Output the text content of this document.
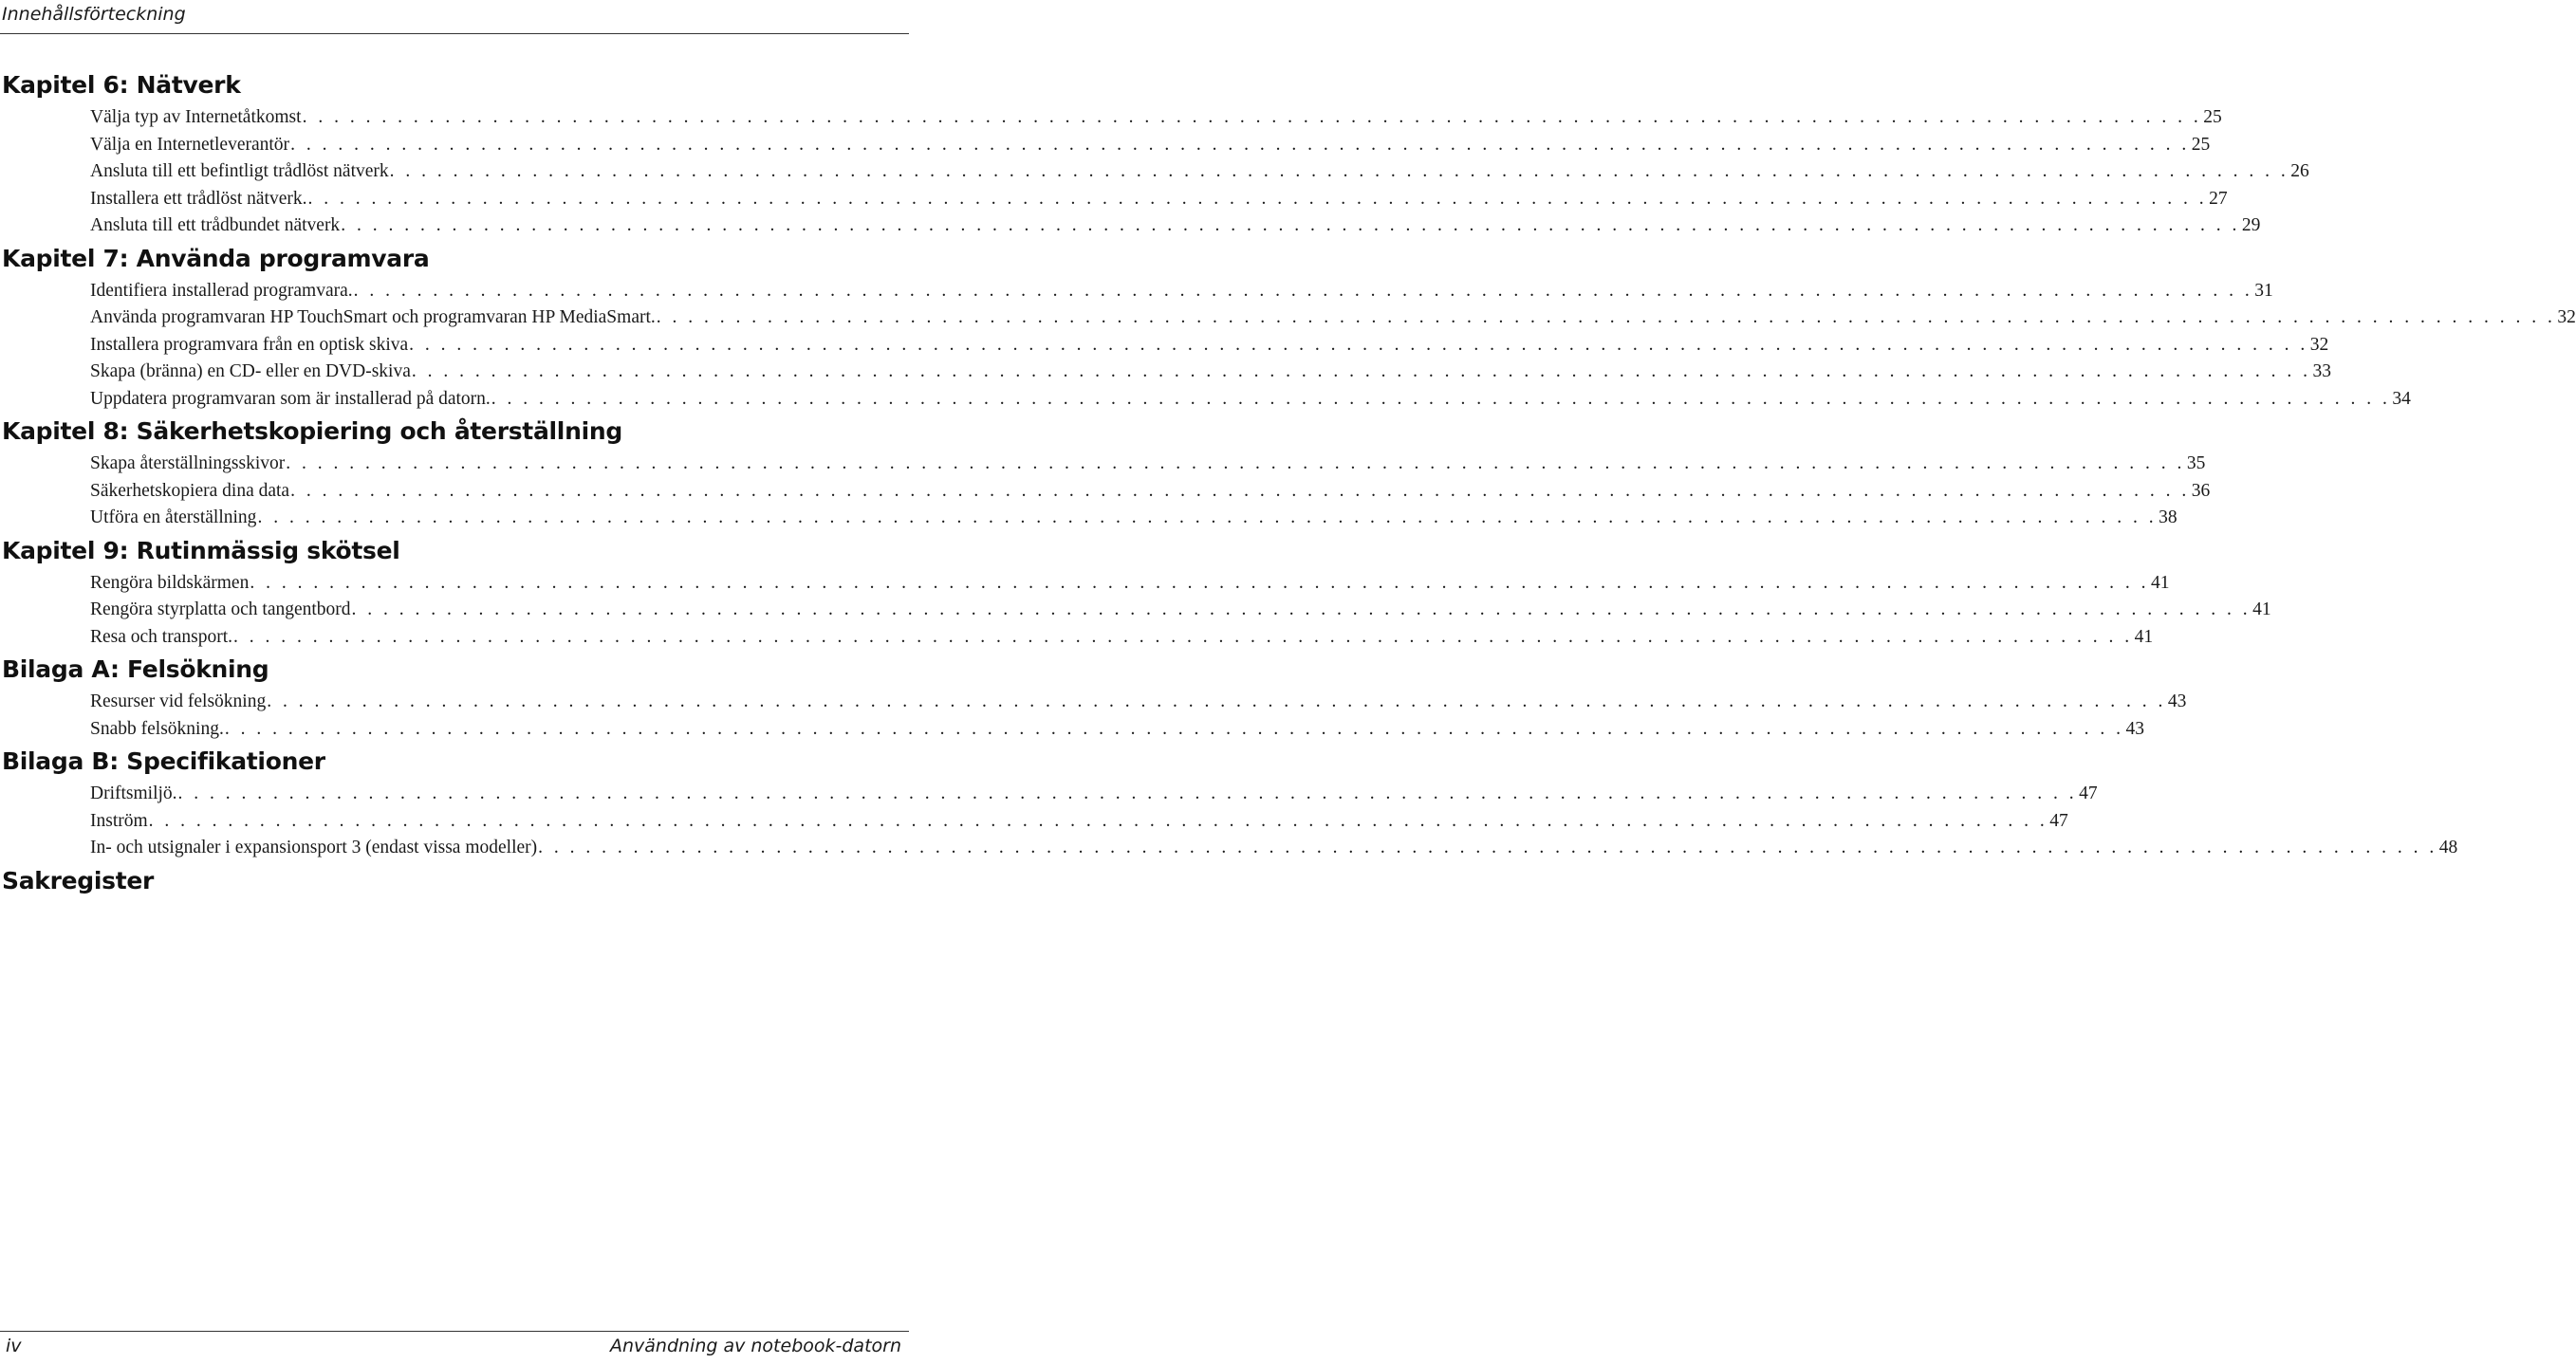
Innehållsförteckning
Kapitel 6: Nätverk
Välja typ av Internetåtkomst . . . . . . . . . . . . . . . . . . . . . . . . . . . . . . . . . . . . . . . . . . . . . . . . . . . . . . . . . . . . . . . . . . . . . . . . . . . . . . . . . . . . . . . . . . . . . . . . . . . . . . . . . . . . . . . . . . . . . . . . 25
Välja en Internetleverantör . . . . . . . . . . . . . . . . . . . . . . . . . . . . . . . . . . . . . . . . . . . . . . . . . . . . . . . . . . . . . . . . . . . . . . . . . . . . . . . . . . . . . . . . . . . . . . . . . . . . . . . . . . . . . . . . . . . . . . . . 25
Ansluta till ett befintligt trådlöst nätverk . . . . . . . . . . . . . . . . . . . . . . . . . . . . . . . . . . . . . . . . . . . . . . . . . . . . . . . . . . . . . . . . . . . . . . . . . . . . . . . . . . . . . . . . . . . . . . . . . . . . . . . . . . . . . . . . . . . . . . . . 26
Installera ett trådlöst nätverk. . . . . . . . . . . . . . . . . . . . . . . . . . . . . . . . . . . . . . . . . . . . . . . . . . . . . . . . . . . . . . . . . . . . . . . . . . . . . . . . . . . . . . . . . . . . . . . . . . . . . . . . . . . . . . . . . . . . . . . . . 27
Ansluta till ett trådbundet nätverk . . . . . . . . . . . . . . . . . . . . . . . . . . . . . . . . . . . . . . . . . . . . . . . . . . . . . . . . . . . . . . . . . . . . . . . . . . . . . . . . . . . . . . . . . . . . . . . . . . . . . . . . . . . . . . . . . . . . . . . . 29
Kapitel 7: Använda programvara
Identifiera installerad programvara. . . . . . . . . . . . . . . . . . . . . . . . . . . . . . . . . . . . . . . . . . . . . . . . . . . . . . . . . . . . . . . . . . . . . . . . . . . . . . . . . . . . . . . . . . . . . . . . . . . . . . . . . . . . . . . . . . . . . . . . . 31
Använda programvaran HP TouchSmart och programvaran HP MediaSmart. . . . . . . . . . . . . . . . . . . . . . . . . . . . . . . . . . . . . . . . . . . . . . . . . . . . . . . . . . . . . . . . . . . . . . . . . . . . . . . . . . . . . . . . . . . . . . . . . . . . . . . . . . . . . . . . . . . . . . . . . 32
Installera programvara från en optisk skiva . . . . . . . . . . . . . . . . . . . . . . . . . . . . . . . . . . . . . . . . . . . . . . . . . . . . . . . . . . . . . . . . . . . . . . . . . . . . . . . . . . . . . . . . . . . . . . . . . . . . . . . . . . . . . . . . . . . . . . . . 32
Skapa (bränna) en CD- eller en DVD-skiva . . . . . . . . . . . . . . . . . . . . . . . . . . . . . . . . . . . . . . . . . . . . . . . . . . . . . . . . . . . . . . . . . . . . . . . . . . . . . . . . . . . . . . . . . . . . . . . . . . . . . . . . . . . . . . . . . . . . . . . . 33
Uppdatera programvaran som är installerad på datorn. . . . . . . . . . . . . . . . . . . . . . . . . . . . . . . . . . . . . . . . . . . . . . . . . . . . . . . . . . . . . . . . . . . . . . . . . . . . . . . . . . . . . . . . . . . . . . . . . . . . . . . . . . . . . . . . . . . . . . . . . 34
Kapitel 8: Säkerhetskopiering och återställning
Skapa återställningsskivor . . . . . . . . . . . . . . . . . . . . . . . . . . . . . . . . . . . . . . . . . . . . . . . . . . . . . . . . . . . . . . . . . . . . . . . . . . . . . . . . . . . . . . . . . . . . . . . . . . . . . . . . . . . . . . . . . . . . . . . . 35
Säkerhetskopiera dina data . . . . . . . . . . . . . . . . . . . . . . . . . . . . . . . . . . . . . . . . . . . . . . . . . . . . . . . . . . . . . . . . . . . . . . . . . . . . . . . . . . . . . . . . . . . . . . . . . . . . . . . . . . . . . . . . . . . . . . . . 36
Utföra en återställning . . . . . . . . . . . . . . . . . . . . . . . . . . . . . . . . . . . . . . . . . . . . . . . . . . . . . . . . . . . . . . . . . . . . . . . . . . . . . . . . . . . . . . . . . . . . . . . . . . . . . . . . . . . . . . . . . . . . . . . . 38
Kapitel 9: Rutinmässig skötsel
Rengöra bildskärmen . . . . . . . . . . . . . . . . . . . . . . . . . . . . . . . . . . . . . . . . . . . . . . . . . . . . . . . . . . . . . . . . . . . . . . . . . . . . . . . . . . . . . . . . . . . . . . . . . . . . . . . . . . . . . . . . . . . . . . . . 41
Rengöra styrplatta och tangentbord . . . . . . . . . . . . . . . . . . . . . . . . . . . . . . . . . . . . . . . . . . . . . . . . . . . . . . . . . . . . . . . . . . . . . . . . . . . . . . . . . . . . . . . . . . . . . . . . . . . . . . . . . . . . . . . . . . . . . . . . 41
Resa och transport. . . . . . . . . . . . . . . . . . . . . . . . . . . . . . . . . . . . . . . . . . . . . . . . . . . . . . . . . . . . . . . . . . . . . . . . . . . . . . . . . . . . . . . . . . . . . . . . . . . . . . . . . . . . . . . . . . . . . . . . . 41
Bilaga A: Felsökning
Resurser vid felsökning . . . . . . . . . . . . . . . . . . . . . . . . . . . . . . . . . . . . . . . . . . . . . . . . . . . . . . . . . . . . . . . . . . . . . . . . . . . . . . . . . . . . . . . . . . . . . . . . . . . . . . . . . . . . . . . . . . . . . . . . 43
Snabb felsökning. . . . . . . . . . . . . . . . . . . . . . . . . . . . . . . . . . . . . . . . . . . . . . . . . . . . . . . . . . . . . . . . . . . . . . . . . . . . . . . . . . . . . . . . . . . . . . . . . . . . . . . . . . . . . . . . . . . . . . . . . 43
Bilaga B: Specifikationer
Driftsmiljö. . . . . . . . . . . . . . . . . . . . . . . . . . . . . . . . . . . . . . . . . . . . . . . . . . . . . . . . . . . . . . . . . . . . . . . . . . . . . . . . . . . . . . . . . . . . . . . . . . . . . . . . . . . . . . . . . . . . . . . . . 47
Inström . . . . . . . . . . . . . . . . . . . . . . . . . . . . . . . . . . . . . . . . . . . . . . . . . . . . . . . . . . . . . . . . . . . . . . . . . . . . . . . . . . . . . . . . . . . . . . . . . . . . . . . . . . . . . . . . . . . . . . . . 47
In- och utsignaler i expansionsport 3 (endast vissa modeller) . . . . . . . . . . . . . . . . . . . . . . . . . . . . . . . . . . . . . . . . . . . . . . . . . . . . . . . . . . . . . . . . . . . . . . . . . . . . . . . . . . . . . . . . . . . . . . . . . . . . . . . . . . . . . . . . . . . . . . . . 48
Sakregister
iv	Användning av notebook-datorn
